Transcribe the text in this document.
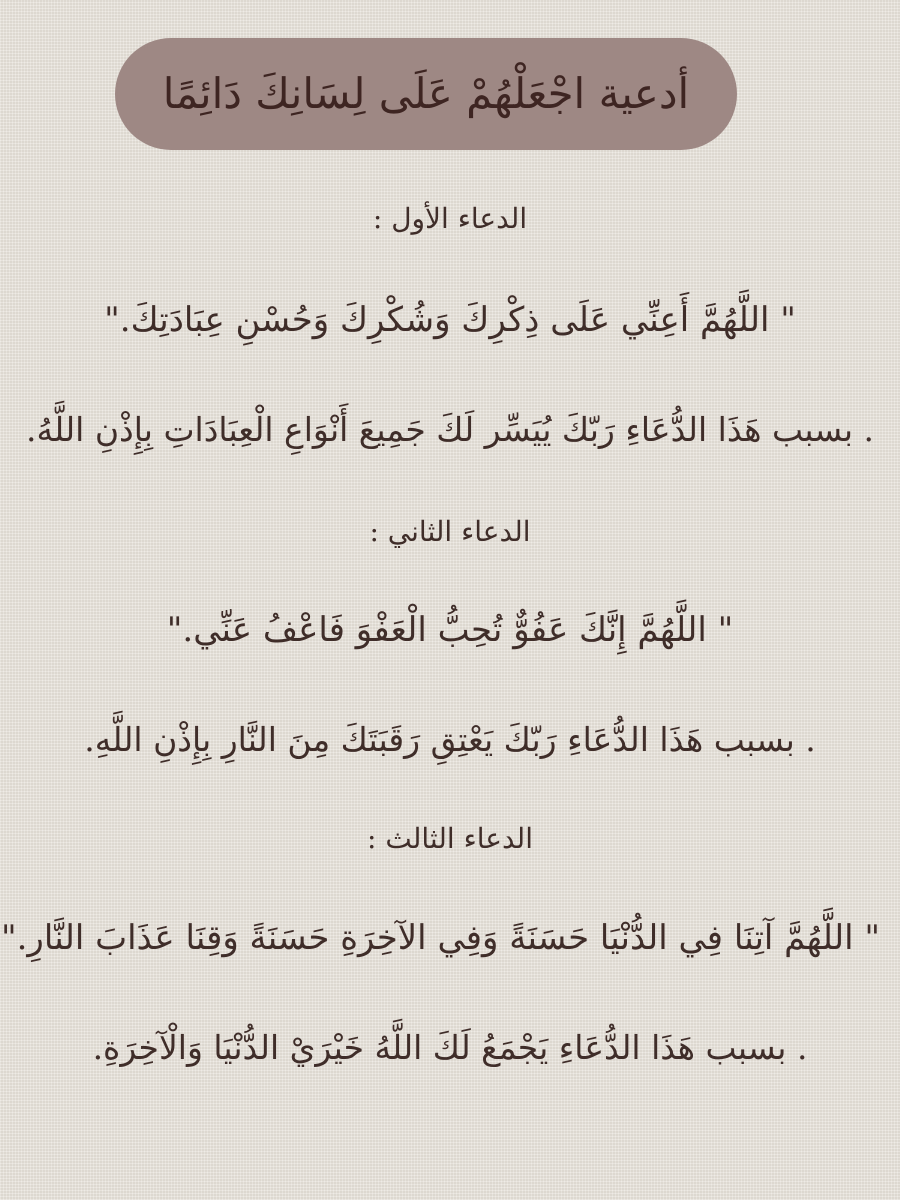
أدعية اجْعَلْهُمْ عَلَى لِسَانِكَ دَائِمًا
الدعاء الأول :
" اللَّهُمَّ أَعِنِّي عَلَى ذِكْرِكَ وَشُكْرِكَ وَحُسْنِ عِبَادَتِكَ."
. بسبب هَذَا الدُّعَاءِ رَبّكَ يُيَسِّر لَكَ جَمِيعَ أَنْوَاعِ الْعِبَادَاتِ بِإِذْنِ اللَّهُ.
الدعاء الثاني :
" اللَّهُمَّ إِنَّكَ عَفُوٌّ تُحِبُّ الْعَفْوَ فَاعْفُ عَنِّي."
. بسبب هَذَا الدُّعَاءِ رَبّكَ يَعْتِقِ رَقَبَتَكَ مِنَ النَّارِ بِإِذْنِ اللَّهِ.
الدعاء الثالث :
" اللَّهُمَّ آتِنَا فِي الدُّنْيَا حَسَنَةً وَفِي الآخِرَةِ حَسَنَةً وَقِنَا عَذَابَ النَّارِ."
. بسبب هَذَا الدُّعَاءِ يَجْمَعُ لَكَ اللَّهُ خَيْرَيْ الدُّنْيَا وَالْآخِرَةِ.
